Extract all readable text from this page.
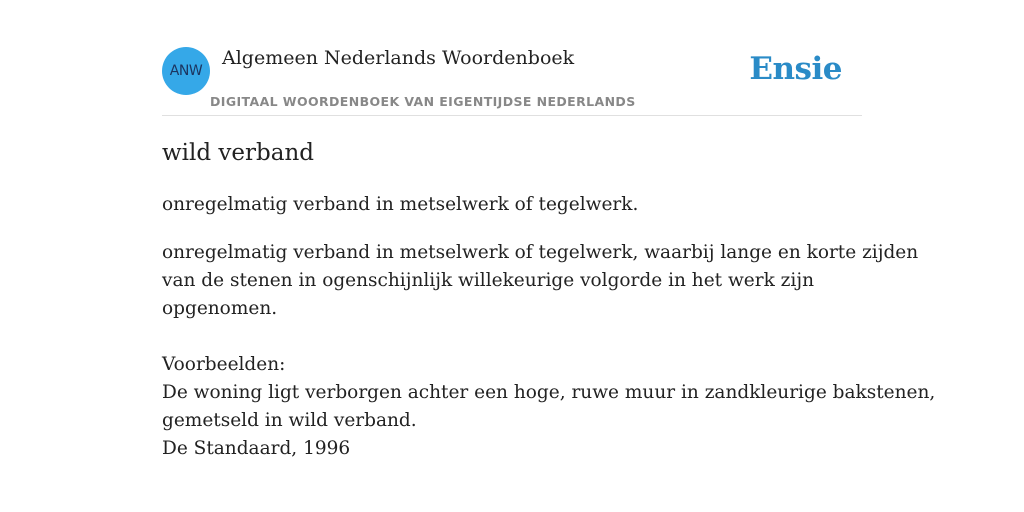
ANW
Algemeen Nederlands Woordenboek
DIGITAAL WOORDENBOEK VAN EIGENTIJDSE NEDERLANDS
Ensie
wild verband
onregelmatig verband in metselwerk of tegelwerk.
onregelmatig verband in metselwerk of tegelwerk, waarbij lange en korte zijden
van de stenen in ogenschijnlijk willekeurige volgorde in het werk zijn
opgenomen.
Voorbeelden:
De woning ligt verborgen achter een hoge, ruwe muur in zandkleurige bakstenen,
gemetseld in wild verband.
De Standaard, 1996
